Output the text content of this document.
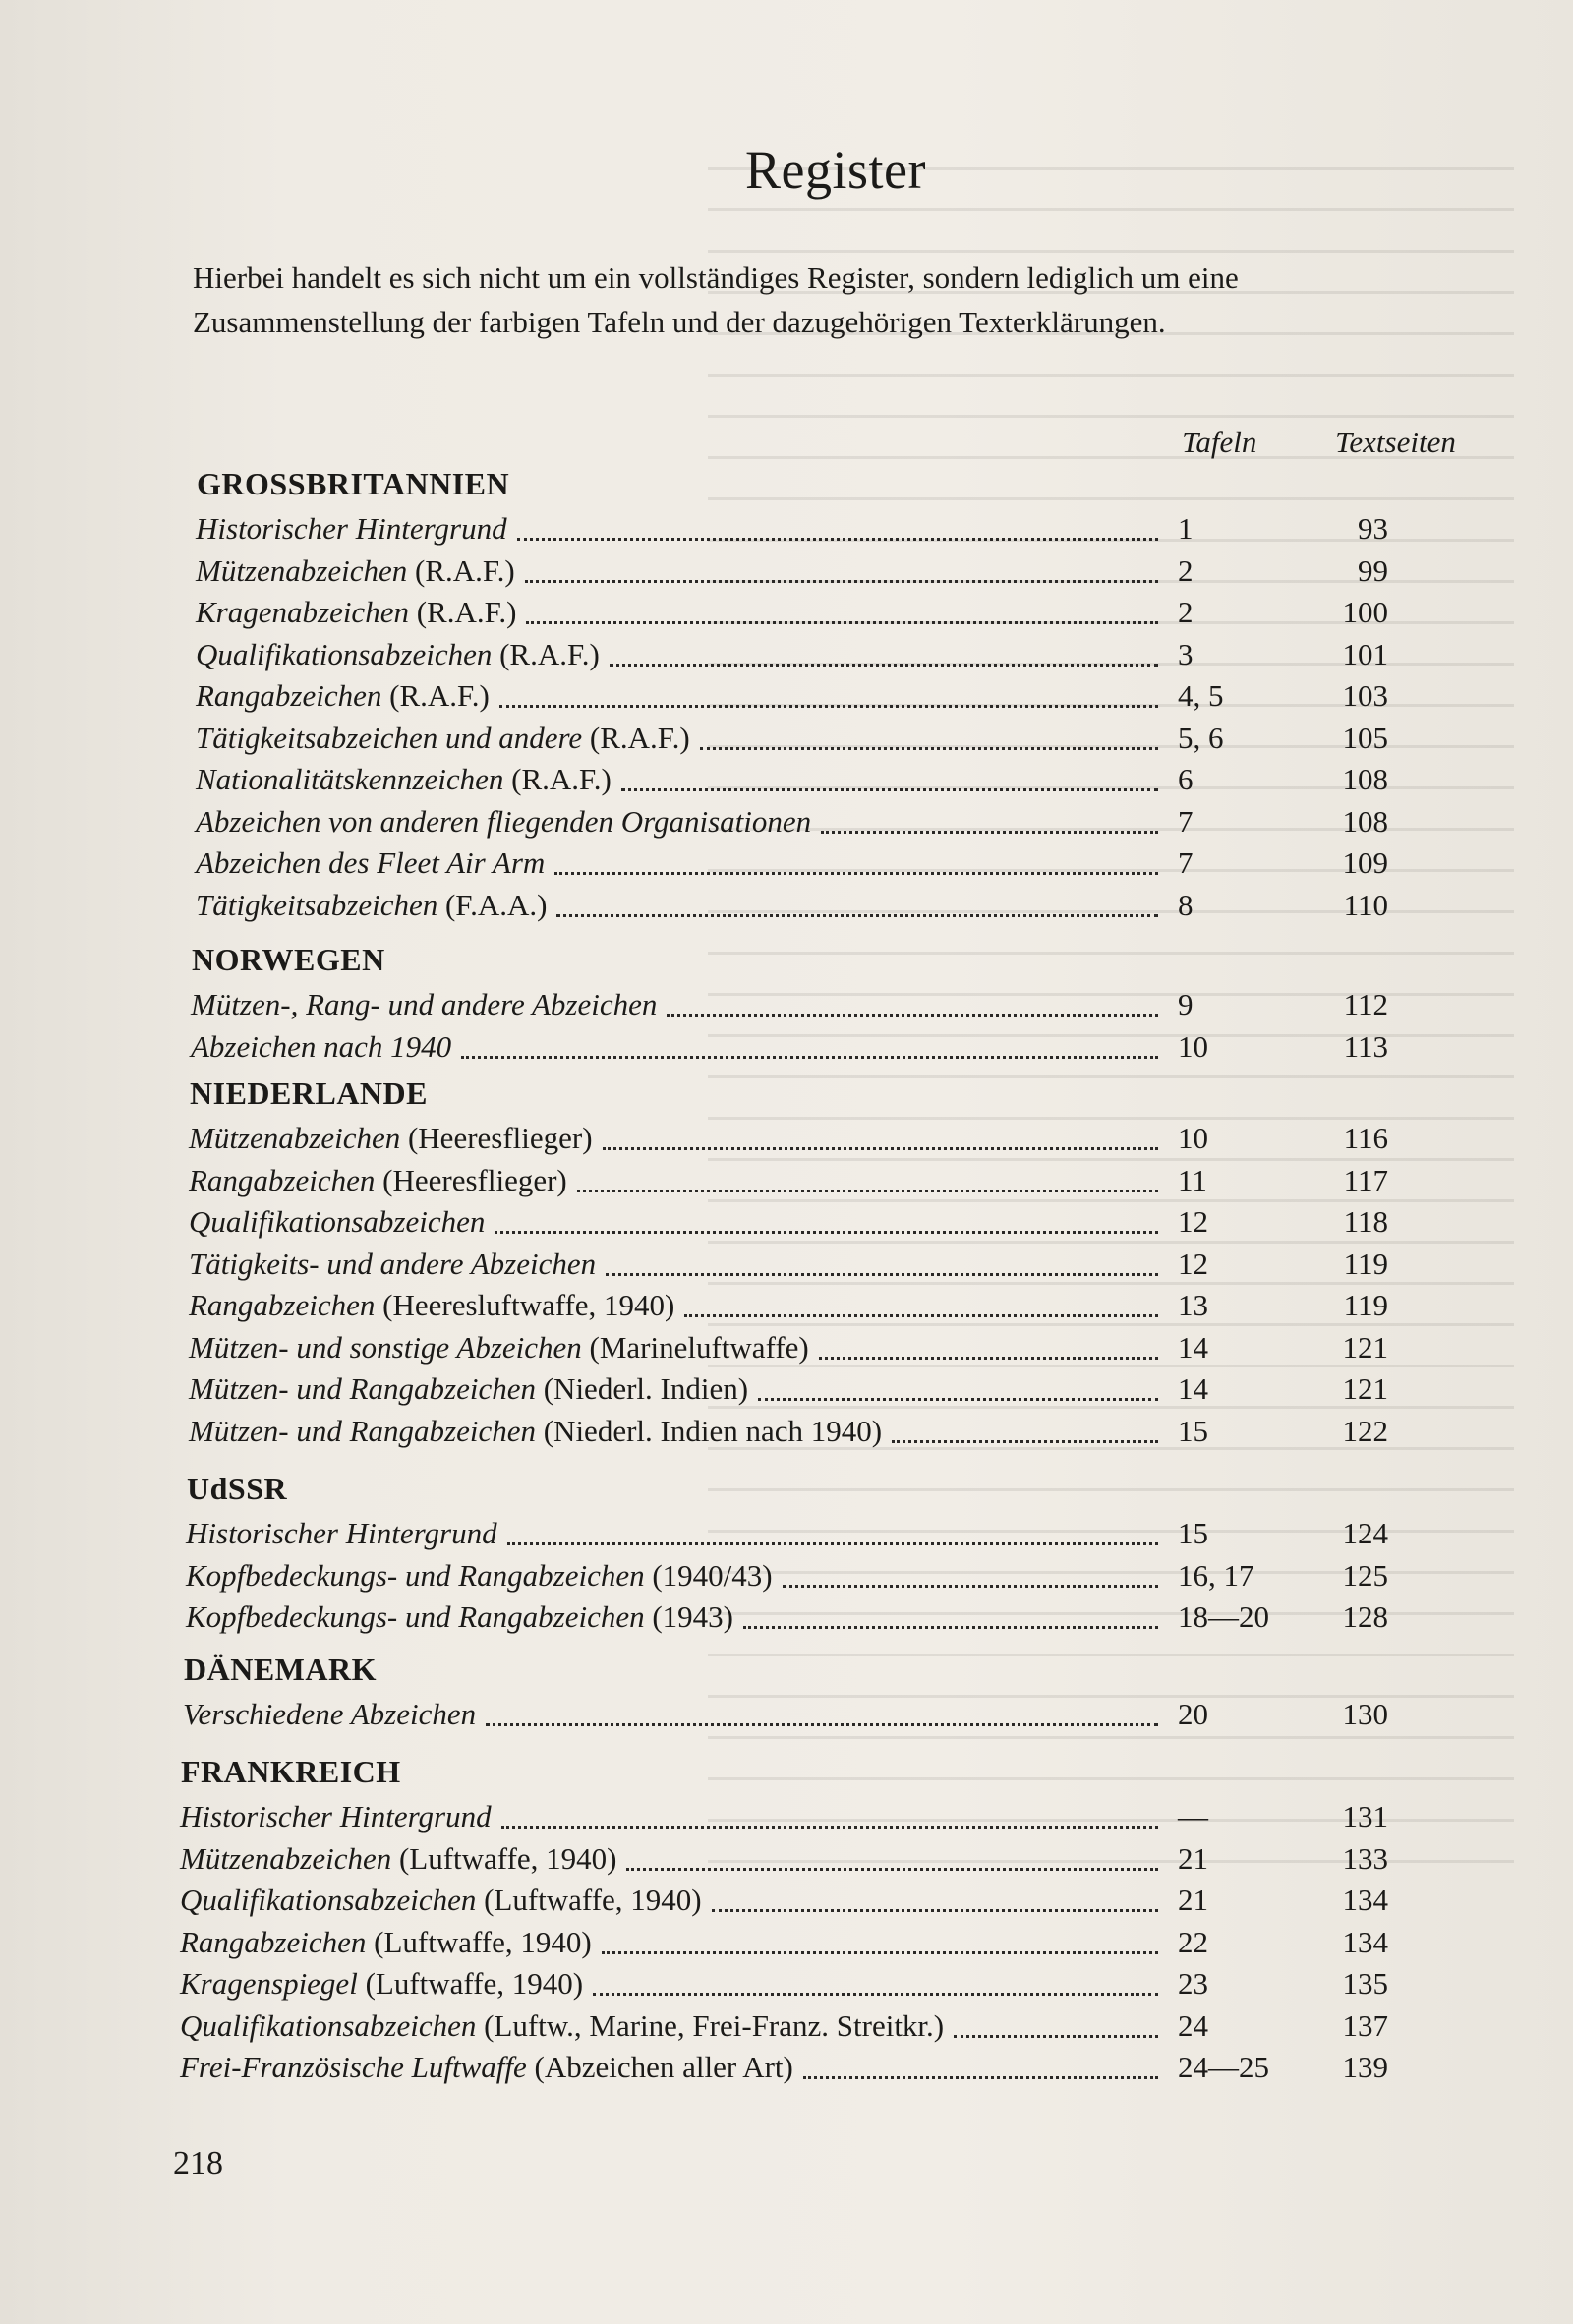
Register
Hierbei handelt es sich nicht um ein vollständiges Register, sondern lediglich um eine
Zusammenstellung der farbigen Tafeln und der dazugehörigen Texterklärungen.
Tafeln	Textseiten
GROSSBRITANNIEN
Historischer Hintergrund	1	93
Mützenabzeichen (R.A.F.)	2	99
Kragenabzeichen (R.A.F.)	2	100
Qualifikationsabzeichen (R.A.F.)	3	101
Rangabzeichen (R.A.F.)	4, 5	103
Tätigkeitsabzeichen und andere (R.A.F.)	5, 6	105
Nationalitätskennzeichen (R.A.F.)	6	108
Abzeichen von anderen fliegenden Organisationen	7	108
Abzeichen des Fleet Air Arm	7	109
Tätigkeitsabzeichen (F.A.A.)	8	110
NORWEGEN
Mützen-, Rang- und andere Abzeichen	9	112
Abzeichen nach 1940	10	113
NIEDERLANDE
Mützenabzeichen (Heeresflieger)	10	116
Rangabzeichen (Heeresflieger)	11	117
Qualifikationsabzeichen	12	118
Tätigkeits- und andere Abzeichen	12	119
Rangabzeichen (Heeresluftwaffe, 1940)	13	119
Mützen- und sonstige Abzeichen (Marineluftwaffe)	14	121
Mützen- und Rangabzeichen (Niederl. Indien)	14	121
Mützen- und Rangabzeichen (Niederl. Indien nach 1940)	15	122
UdSSR
Historischer Hintergrund	15	124
Kopfbedeckungs- und Rangabzeichen (1940/43)	16, 17	125
Kopfbedeckungs- und Rangabzeichen (1943)	18—20	128
DÄNEMARK
Verschiedene Abzeichen	20	130
FRANKREICH
Historischer Hintergrund	—	131
Mützenabzeichen (Luftwaffe, 1940)	21	133
Qualifikationsabzeichen (Luftwaffe, 1940)	21	134
Rangabzeichen (Luftwaffe, 1940)	22	134
Kragenspiegel (Luftwaffe, 1940)	23	135
Qualifikationsabzeichen (Luftw., Marine, Frei-Franz. Streitkr.)	24	137
Frei-Französische Luftwaffe (Abzeichen aller Art)	24—25	139
218
